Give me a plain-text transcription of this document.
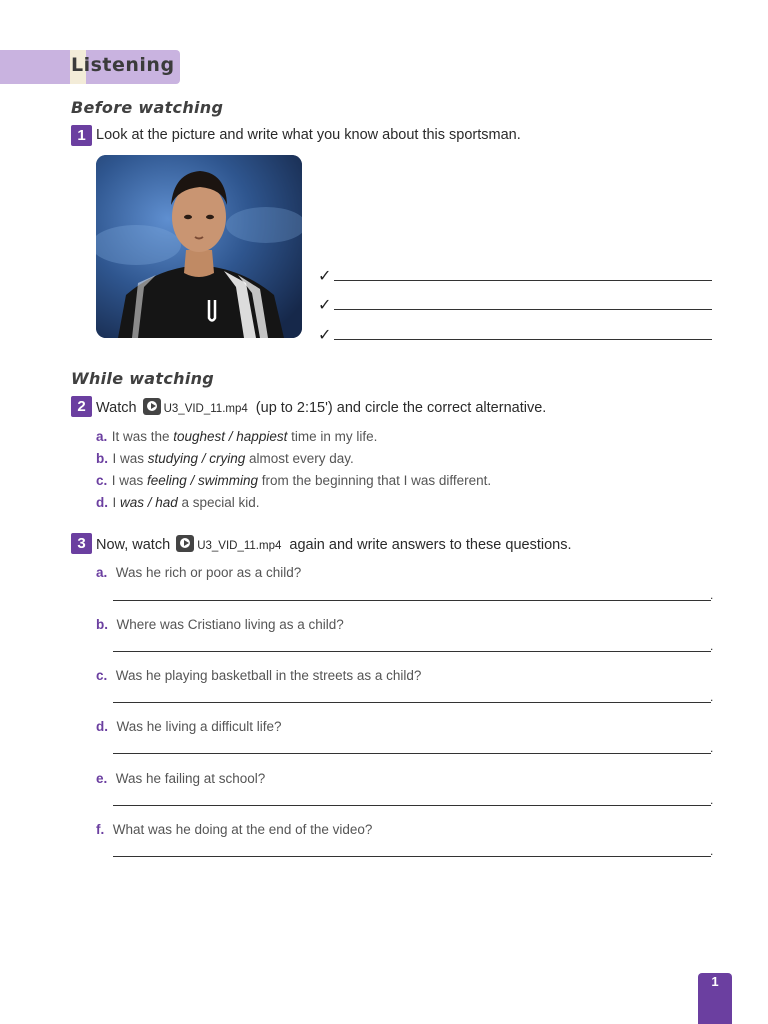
Listening
Before watching
1 Look at the picture and write what you know about this sportsman.
✓
✓
✓
While watching
2 Watch U3_VID_11.mp4 (up to 2:15') and circle the correct alternative.
a. It was the toughest / happiest time in my life.
b. I was studying / crying almost every day.
c. I was feeling / swimming from the beginning that I was different.
d. I was / had a special kid.
3 Now, watch U3_VID_11.mp4 again and write answers to these questions.
a. Was he rich or poor as a child?
.
b. Where was Cristiano living as a child?
.
c. Was he playing basketball in the streets as a child?
.
d. Was he living a difficult life?
.
e. Was he failing at school?
.
f. What was he doing at the end of the video?
.
1
